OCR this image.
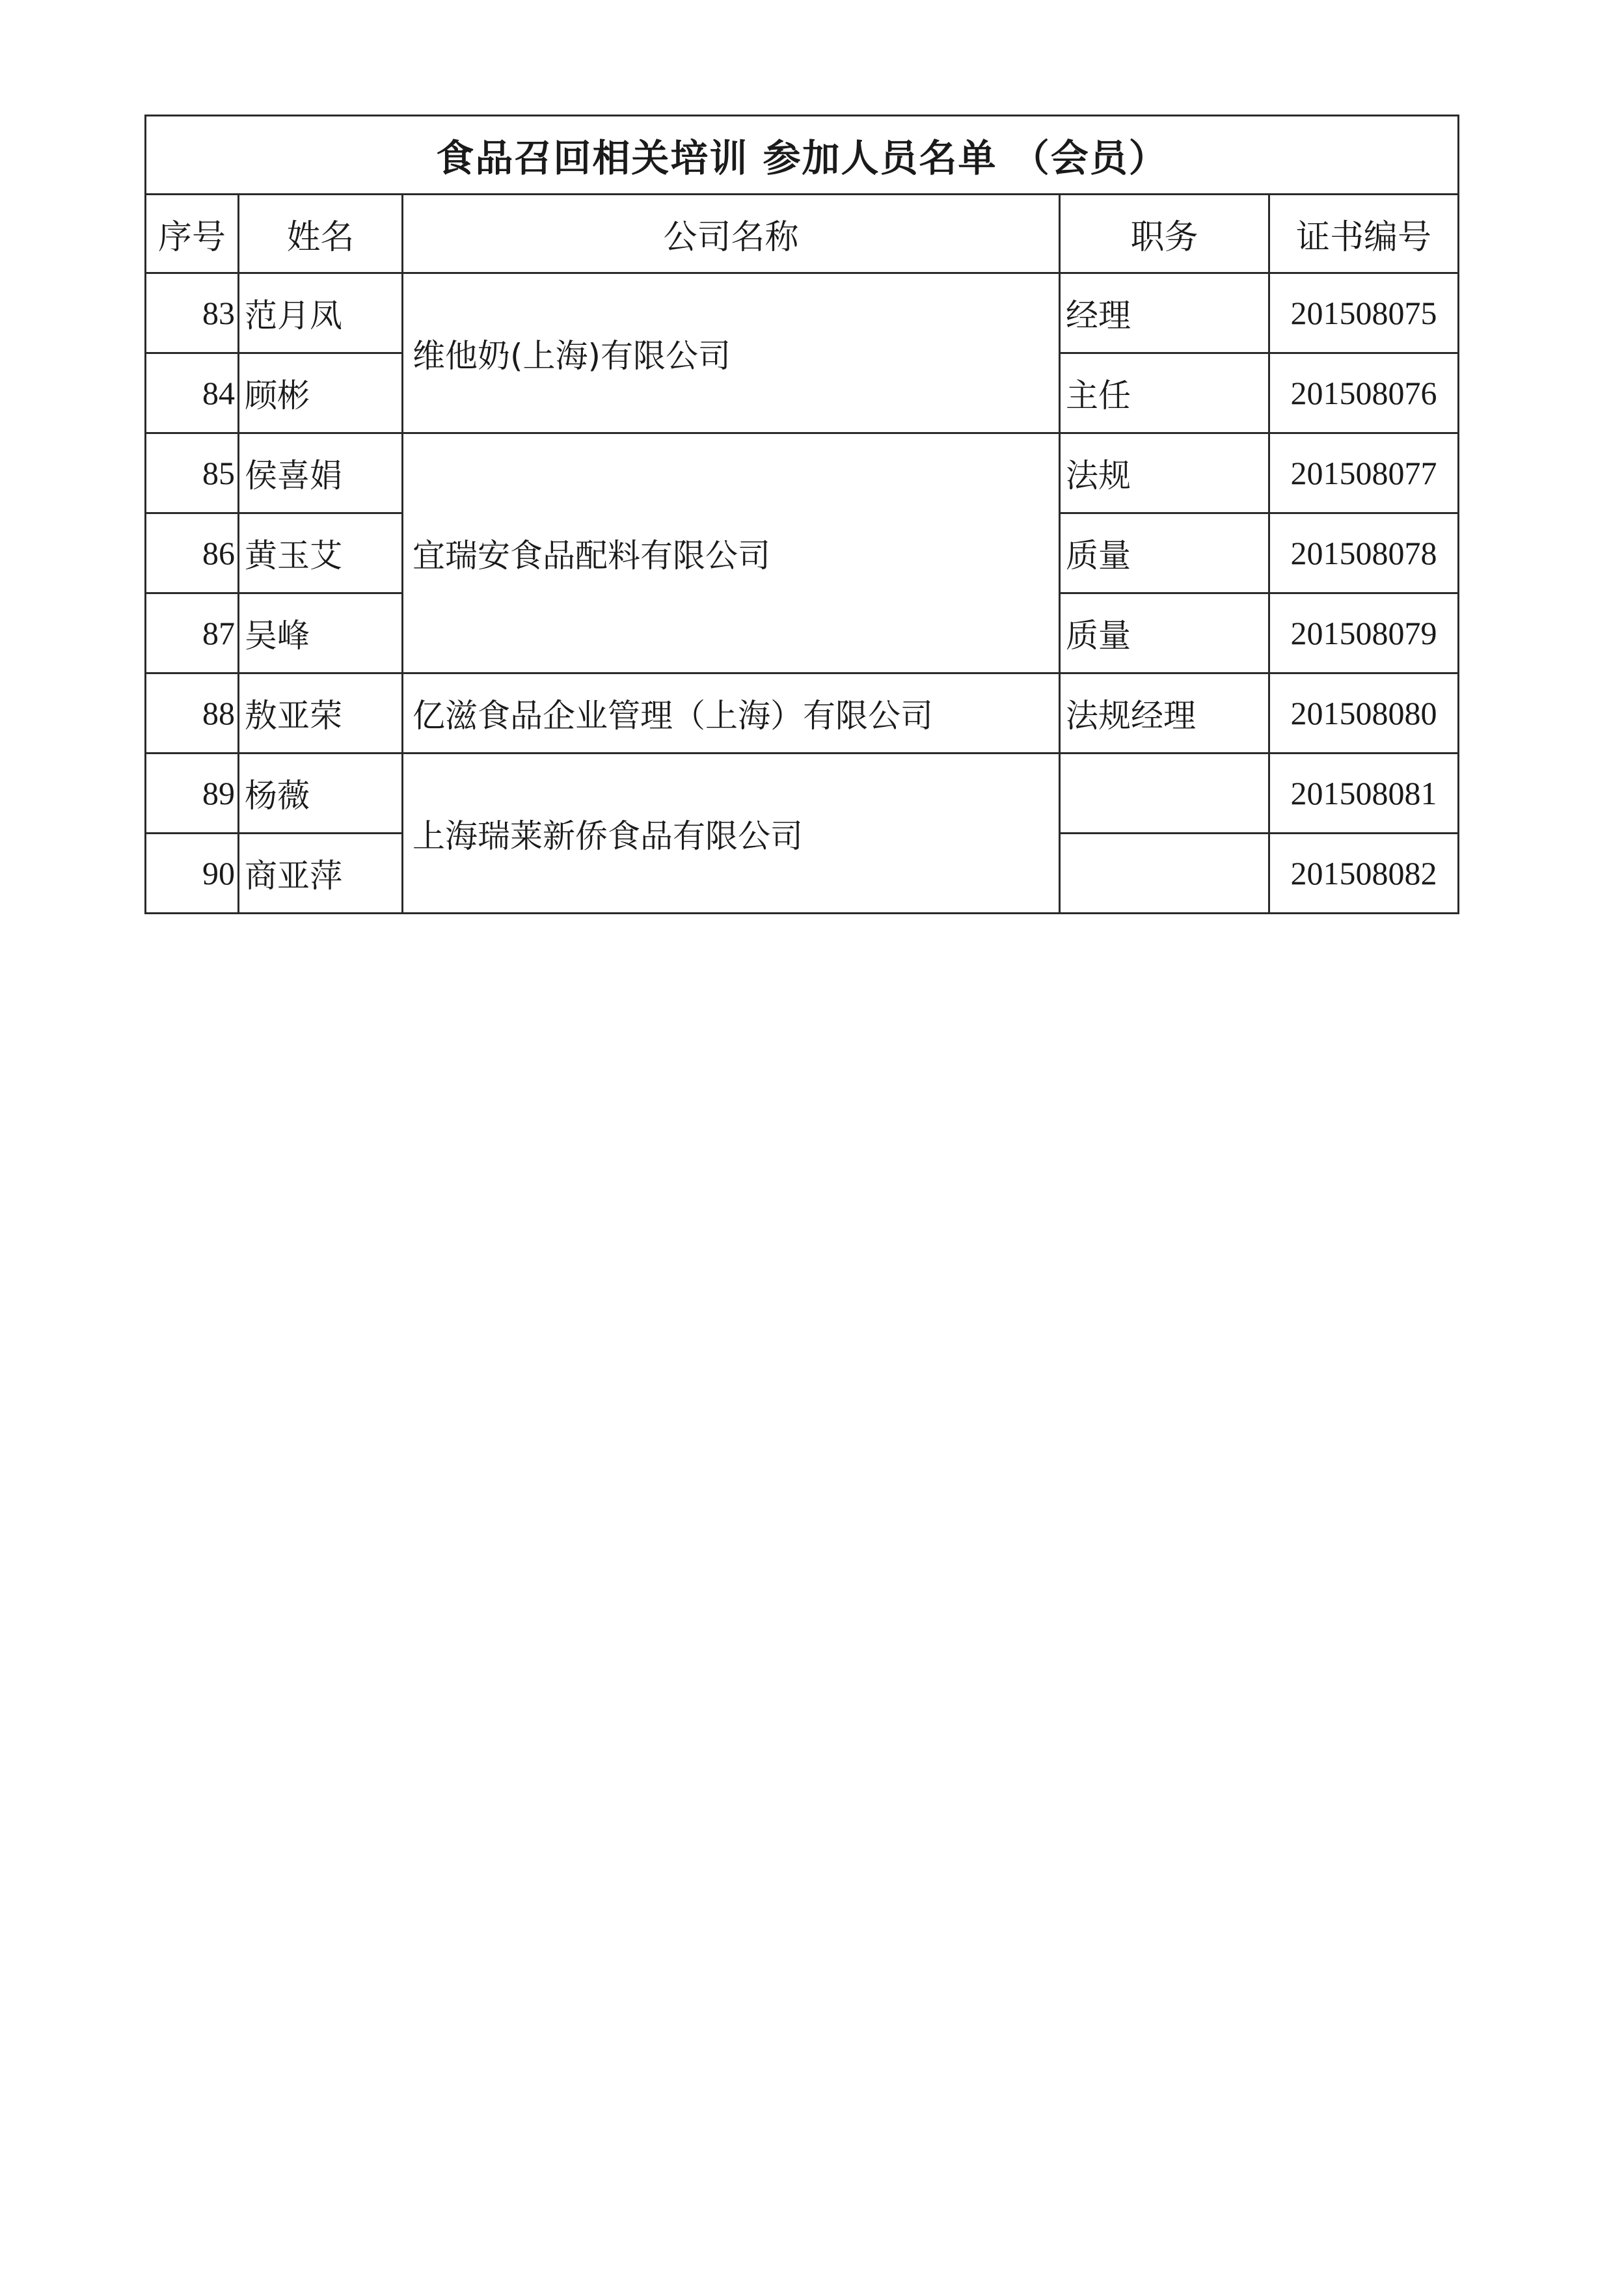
食品召回相关培训 参加人员名单 （会员）				
序号	姓名	公司名称	职务	证书编号
83	范月凤	维他奶(上海)有限公司	经理	201508075
84	顾彬		主任	201508076
85	侯喜娟	宜瑞安食品配料有限公司	法规	201508077
86	黄玉艾		质量	201508078
87	吴峰		质量	201508079
88	敖亚荣	亿滋食品企业管理（上海）有限公司	法规经理	201508080
89	杨薇	上海瑞莱新侨食品有限公司		201508081
90	商亚萍			201508082
